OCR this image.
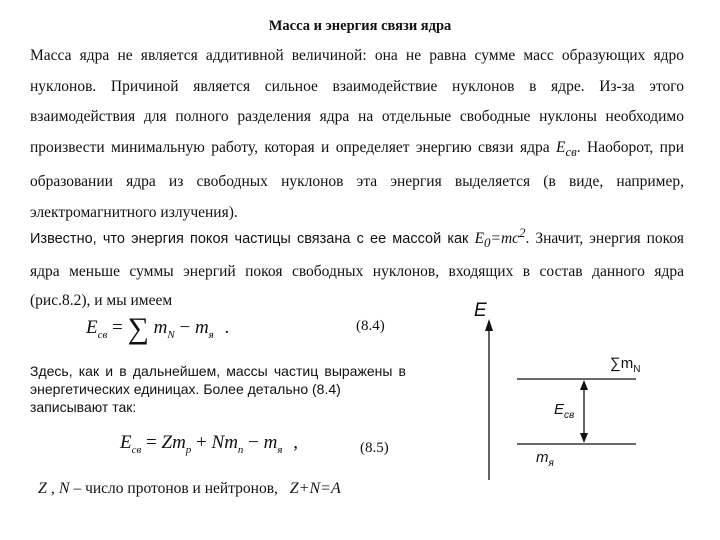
Масса и энергия связи ядра
Масса ядра не является аддитивной величиной: она не равна сумме масс образующих ядро нуклонов. Причиной является сильное взаимодействие нуклонов в ядре. Из-за этого взаимодействия для полного разделения ядра на отдельные свободные нуклоны необходимо произвести минимальную работу, которая и определяет энергию связи ядра $E_{св}$. Наоборот, при образовании ядра из свободных нуклонов эта энергия выделяется (в виде, например, электромагнитного излучения).
Известно, что энергия покоя частицы связана с ее массой как $E_0=mc^2$. Значит, энергия покоя ядра меньше суммы энергий покоя свободных нуклонов, входящих в состав данного ядра (рис.8.2), и мы имеем
$E_{св}$ = ∑ $m_N - m_я$ .	(8.4)
Здесь, как и в дальнейшем, массы частиц выражены в энергетических единицах. Более детально (8.4)
записывают так:
$E_{св} = Zm_p + Nm_n - m_я$ ,	(8.5)
Z , N – число протонов и нейтронов, Z+N=A
E
$\sum m_N$
$E_{св}$
$m_я$
